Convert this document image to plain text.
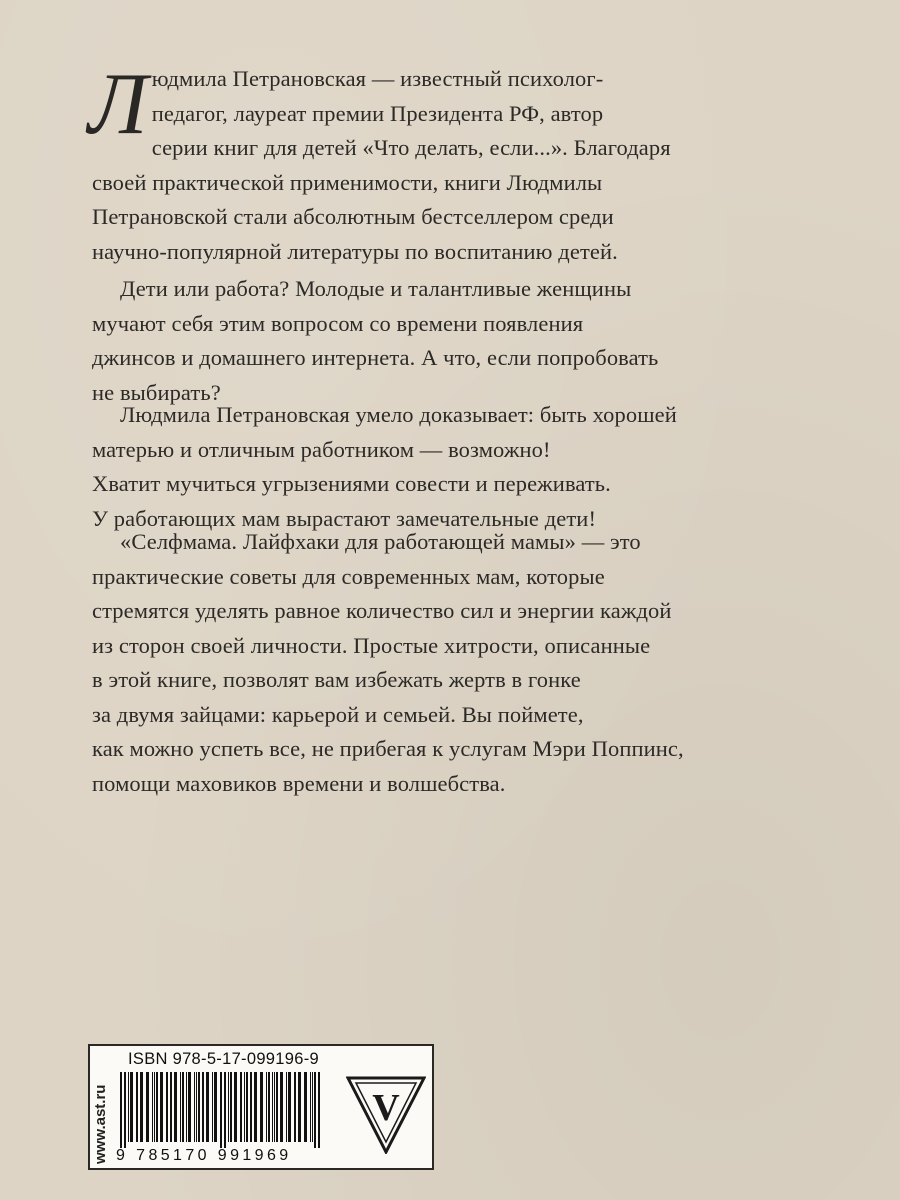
Л юдмила Петрановская — известный психолог-
педагог, лауреат премии Президента РФ, автор
серии книг для детей «Что делать, если...». Благодаря
своей практической применимости, книги Людмилы
Петрановской стали абсолютным бестселлером среди
научно-популярной литературы по воспитанию детей.
Дети или работа? Молодые и талантливые женщины
мучают себя этим вопросом со времени появления
джинсов и домашнего интернета. А что, если попробовать
не выбирать?
Людмила Петрановская умело доказывает: быть хорошей
матерью и отличным работником — возможно!
Хватит мучиться угрызениями совести и переживать.
У работающих мам вырастают замечательные дети!
«Селфмама. Лайфхаки для работающей мамы» — это
практические советы для современных мам, которые
стремятся уделять равное количество сил и энергии каждой
из сторон своей личности. Простые хитрости, описанные
в этой книге, позволят вам избежать жертв в гонке
за двумя зайцами: карьерой и семьей. Вы поймете,
как можно успеть все, не прибегая к услугам Мэри Поппинс,
помощи маховиков времени и волшебства.
www.ast.ru
ISBN 978-5-17-099196-9
9 785170 991969
V
